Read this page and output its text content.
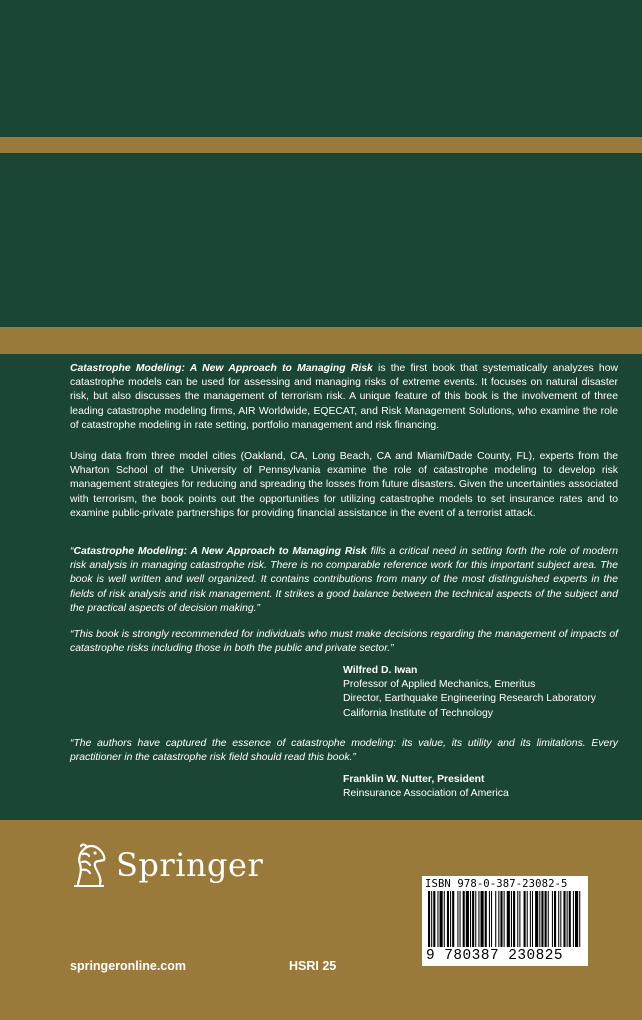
Catastrophe Modeling: A New Approach to Managing Risk is the first book that systematically analyzes how catastrophe models can be used for assessing and managing risks of extreme events. It focuses on natural disaster risk, but also discusses the management of terrorism risk. A unique feature of this book is the involvement of three leading catastrophe modeling firms, AIR Worldwide, EQECAT, and Risk Management Solutions, who examine the role of catastrophe modeling in rate setting, portfolio management and risk financing.
Using data from three model cities (Oakland, CA, Long Beach, CA and Miami/Dade County, FL), experts from the Wharton School of the University of Pennsylvania examine the role of catastrophe modeling to develop risk management strategies for reducing and spreading the losses from future disasters. Given the uncertainties associated with terrorism, the book points out the opportunities for utilizing catastrophe models to set insurance rates and to examine public-private partnerships for providing financial assistance in the event of a terrorist attack.
“Catastrophe Modeling: A New Approach to Managing Risk fills a critical need in setting forth the role of modern risk analysis in managing catastrophe risk. There is no comparable reference work for this important subject area. The book is well written and well organized. It contains contributions from many of the most distinguished experts in the fields of risk analysis and risk management. It strikes a good balance between the technical aspects of the subject and the practical aspects of decision making.”
“This book is strongly recommended for individuals who must make decisions regarding the management of impacts of catastrophe risks including those in both the public and private sector.”
Wilfred D. Iwan
Professor of Applied Mechanics, Emeritus
Director, Earthquake Engineering Research Laboratory
California Institute of Technology
“The authors have captured the essence of catastrophe modeling: its value, its utility and its limitations. Every practitioner in the catastrophe risk field should read this book.”
Franklin W. Nutter, President
Reinsurance Association of America
Springer	ISBN 978-0-387-23082-5
9 780387 230825
springeronline.com	HSRI 25
